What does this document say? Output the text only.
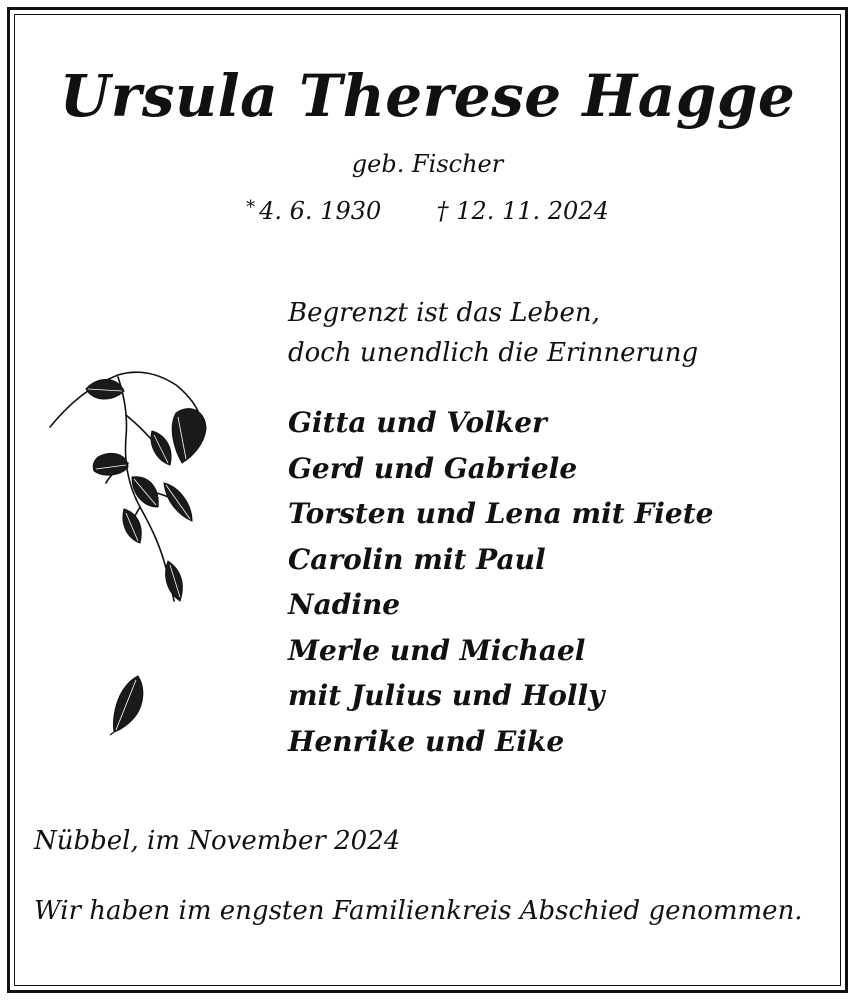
Ursula Therese Hagge
geb. Fischer
* 4. 6. 1930 † 12. 11. 2024
Begrenzt ist das Leben,
doch unendlich die Erinnerung
Gitta und Volker
Gerd und Gabriele
Torsten und Lena mit Fiete
Carolin mit Paul
Nadine
Merle und Michael
mit Julius und Holly
Henrike und Eike
Nübbel, im November 2024
Wir haben im engsten Familienkreis Abschied genommen.
